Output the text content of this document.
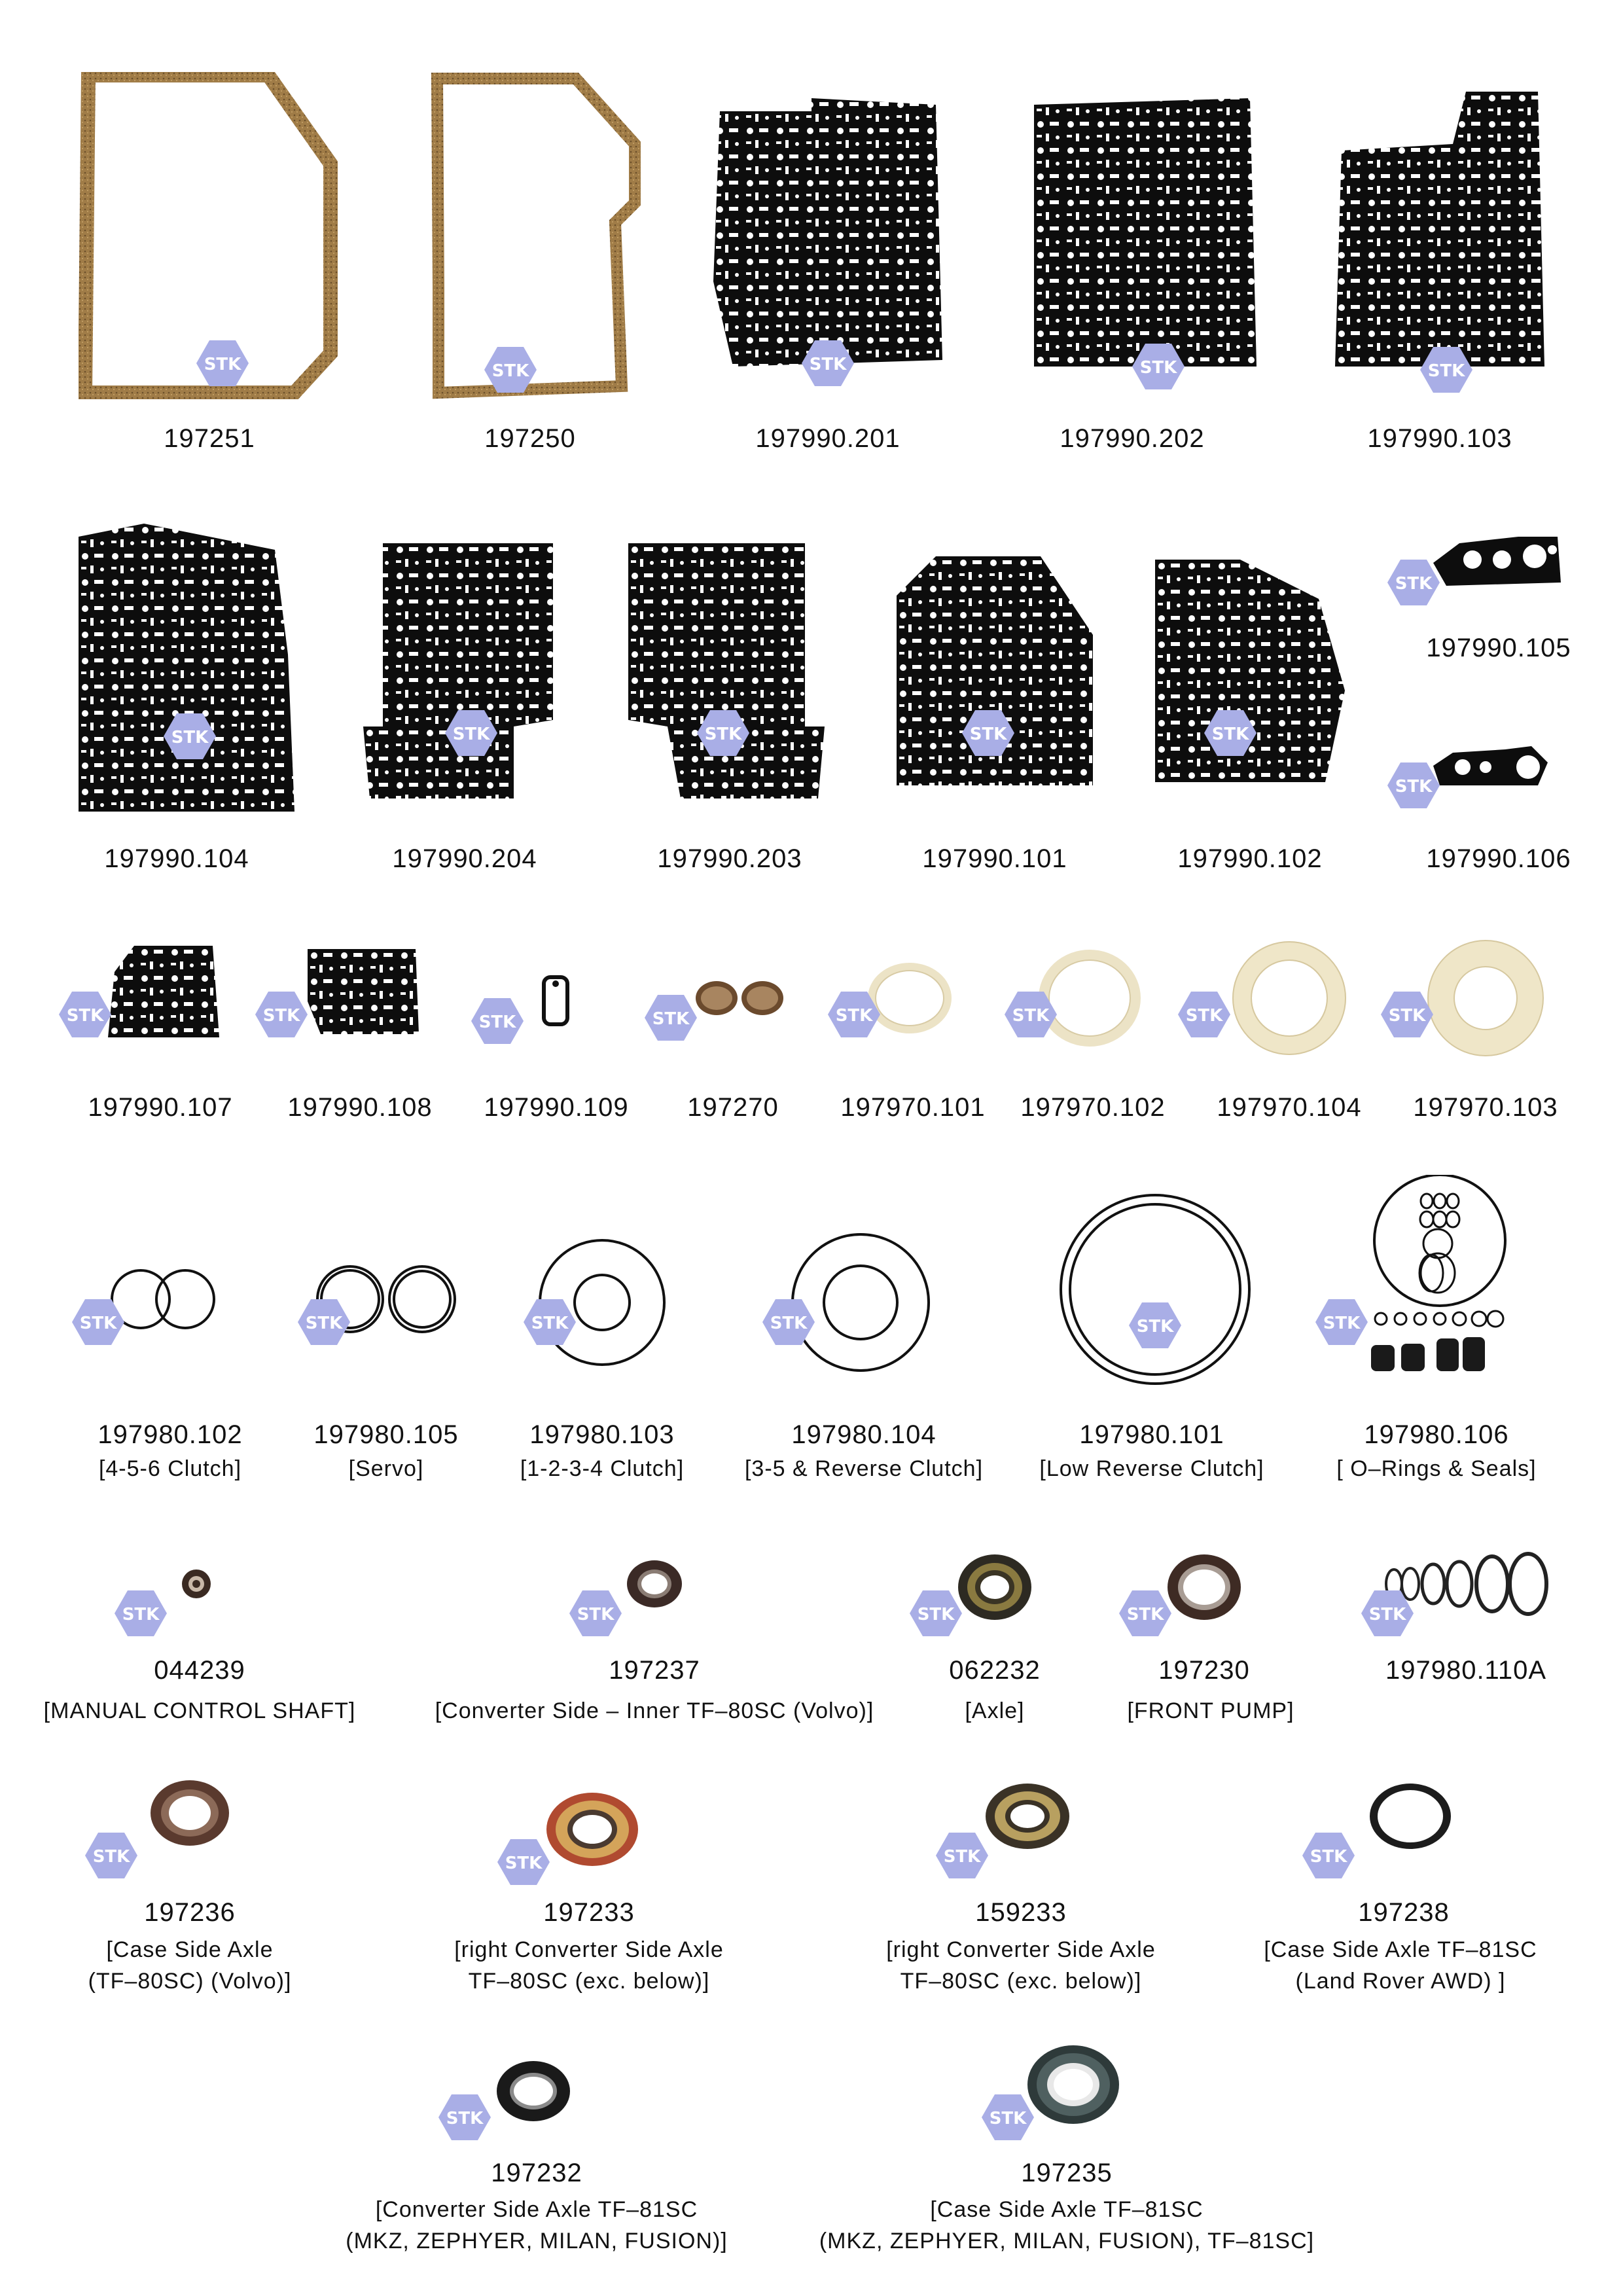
197251	197250	197990.201	197990.202	197990.103
197990.104	197990.204	197990.203	197990.101	197990.102
197990.105
197990.106
197990.107	197990.108	197990.109	197270	197970.101	197970.102	197970.104	197970.103
197980.102
[4-5-6 Clutch]
197980.105
[Servo]
197980.103
[1-2-3-4 Clutch]
197980.104
[3-5 & Reverse Clutch]
197980.101
[Low Reverse Clutch]
197980.106
[ O–Rings & Seals]
044239
[MANUAL CONTROL SHAFT]
197237
[Converter Side – Inner TF–80SC (Volvo)]
062232
[Axle]
197230
[FRONT PUMP]
197980.110A
197236
[Case Side Axle
(TF–80SC) (Volvo)]
197233
[right Converter Side Axle
TF–80SC (exc. below)]
159233
[right Converter Side Axle
TF–80SC (exc. below)]
197238
[Case Side Axle TF–81SC
(Land Rover AWD) ]
197232
[Converter Side Axle TF–81SC
(MKZ, ZEPHYER, MILAN, FUSION)]
197235
[Case Side Axle TF–81SC
(MKZ, ZEPHYER, MILAN, FUSION), TF–81SC]
